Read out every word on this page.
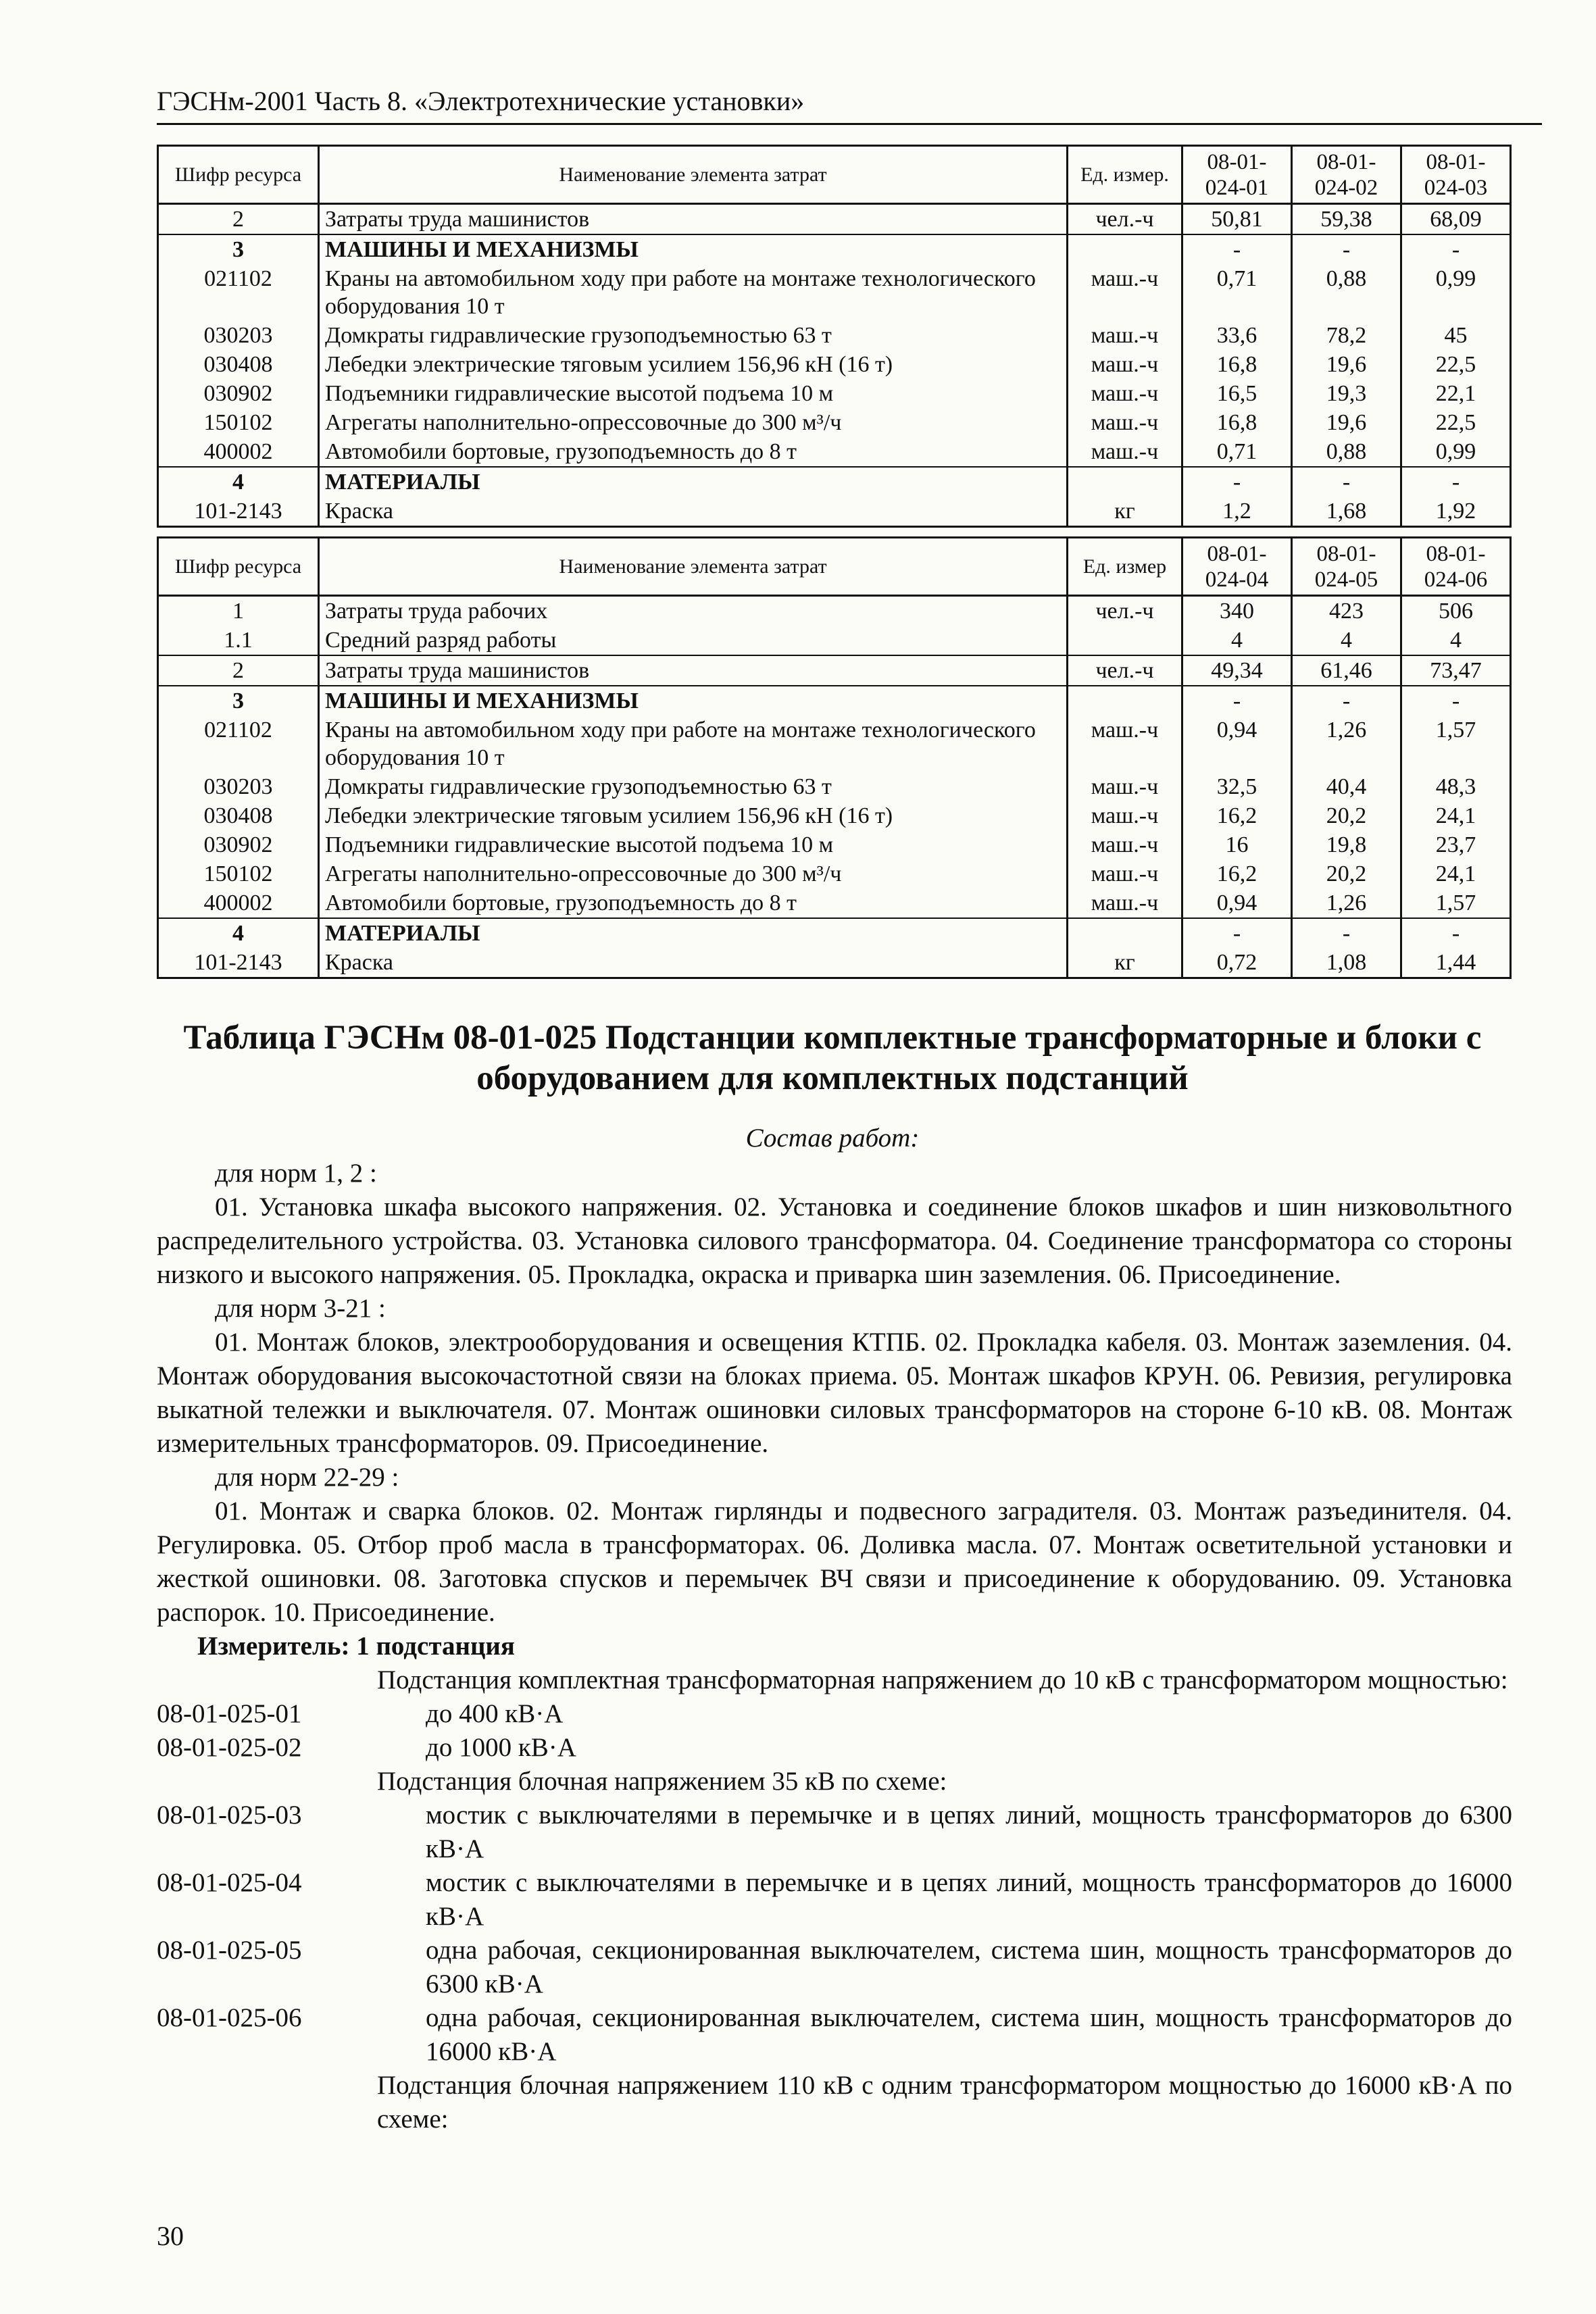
ГЭСНм-2001 Часть 8. «Электротехнические установки»
Шифр ресурса	Наименование элемента затрат	Ед. измер.	08-01-024-01	08-01-024-02	08-01-024-03
2	Затраты труда машинистов	чел.-ч	50,81	59,38	68,09
3	МАШИНЫ И МЕХАНИЗМЫ		-	-	-
021102	Краны на автомобильном ходу при работе на монтаже технологического оборудования 10 т	маш.-ч	0,71	0,88	0,99
030203	Домкраты гидравлические грузоподъемностью 63 т	маш.-ч	33,6	78,2	45
030408	Лебедки электрические тяговым усилием 156,96 кН (16 т)	маш.-ч	16,8	19,6	22,5
030902	Подъемники гидравлические высотой подъема 10 м	маш.-ч	16,5	19,3	22,1
150102	Агрегаты наполнительно-опрессовочные до 300 м³/ч	маш.-ч	16,8	19,6	22,5
400002	Автомобили бортовые, грузоподъемность до 8 т	маш.-ч	0,71	0,88	0,99
4	МАТЕРИАЛЫ		-	-	-
101-2143	Краска	кг	1,2	1,68	1,92
Шифр ресурса	Наименование элемента затрат	Ед. измер	08-01-024-04	08-01-024-05	08-01-024-06
1	Затраты труда рабочих	чел.-ч	340	423	506
1.1	Средний разряд работы		4	4	4
2	Затраты труда машинистов	чел.-ч	49,34	61,46	73,47
3	МАШИНЫ И МЕХАНИЗМЫ		-	-	-
021102	Краны на автомобильном ходу при работе на монтаже технологического оборудования 10 т	маш.-ч	0,94	1,26	1,57
030203	Домкраты гидравлические грузоподъемностью 63 т	маш.-ч	32,5	40,4	48,3
030408	Лебедки электрические тяговым усилием 156,96 кН (16 т)	маш.-ч	16,2	20,2	24,1
030902	Подъемники гидравлические высотой подъема 10 м	маш.-ч	16	19,8	23,7
150102	Агрегаты наполнительно-опрессовочные до 300 м³/ч	маш.-ч	16,2	20,2	24,1
400002	Автомобили бортовые, грузоподъемность до 8 т	маш.-ч	0,94	1,26	1,57
4	МАТЕРИАЛЫ		-	-	-
101-2143	Краска	кг	0,72	1,08	1,44
Таблица ГЭСНм 08-01-025 Подстанции комплектные трансформаторные и блоки с оборудованием для комплектных подстанций
Состав работ:

для норм 1, 2 :

01. Установка шкафа высокого напряжения. 02. Установка и соединение блоков шкафов и шин низковольтного распределительного устройства. 03. Установка силового трансформатора. 04. Соединение трансформатора со стороны низкого и высокого напряжения. 05. Прокладка, окраска и приварка шин заземления. 06. Присоединение.

для норм 3-21 :

01. Монтаж блоков, электрооборудования и освещения КТПБ. 02. Прокладка кабеля. 03. Монтаж заземления. 04. Монтаж оборудования высокочастотной связи на блоках приема. 05. Монтаж шкафов КРУН. 06. Ревизия, регулировка выкатной тележки и выключателя. 07. Монтаж ошиновки силовых трансформаторов на стороне 6-10 кВ. 08. Монтаж измерительных трансформаторов. 09. Присоединение.

для норм 22-29 :

01. Монтаж и сварка блоков. 02. Монтаж гирлянды и подвесного заградителя. 03. Монтаж разъединителя. 04. Регулировка. 05. Отбор проб масла в трансформаторах. 06. Доливка масла. 07. Монтаж осветительной установки и жесткой ошиновки. 08. Заготовка спусков и перемычек ВЧ связи и присоединение к оборудованию. 09. Установка распорок. 10. Присоединение.

Измеритель: 1 подстанция

Подстанция комплектная трансформаторная напряжением до 10 кВ с трансформатором мощностью:
08-01-025-01	до 400 кВ·А
08-01-025-02	до 1000 кВ·А
Подстанция блочная напряжением 35 кВ по схеме:
08-01-025-03	мостик с выключателями в перемычке и в цепях линий, мощность трансформаторов до 6300 кВ·А
08-01-025-04	мостик с выключателями в перемычке и в цепях линий, мощность трансформаторов до 16000 кВ·А
08-01-025-05	одна рабочая, секционированная выключателем, система шин, мощность трансформаторов до 6300 кВ·А
08-01-025-06	одна рабочая, секционированная выключателем, система шин, мощность трансформаторов до 16000 кВ·А
Подстанция блочная напряжением 110 кВ с одним трансформатором мощностью до 16000 кВ·А по схеме:
30
